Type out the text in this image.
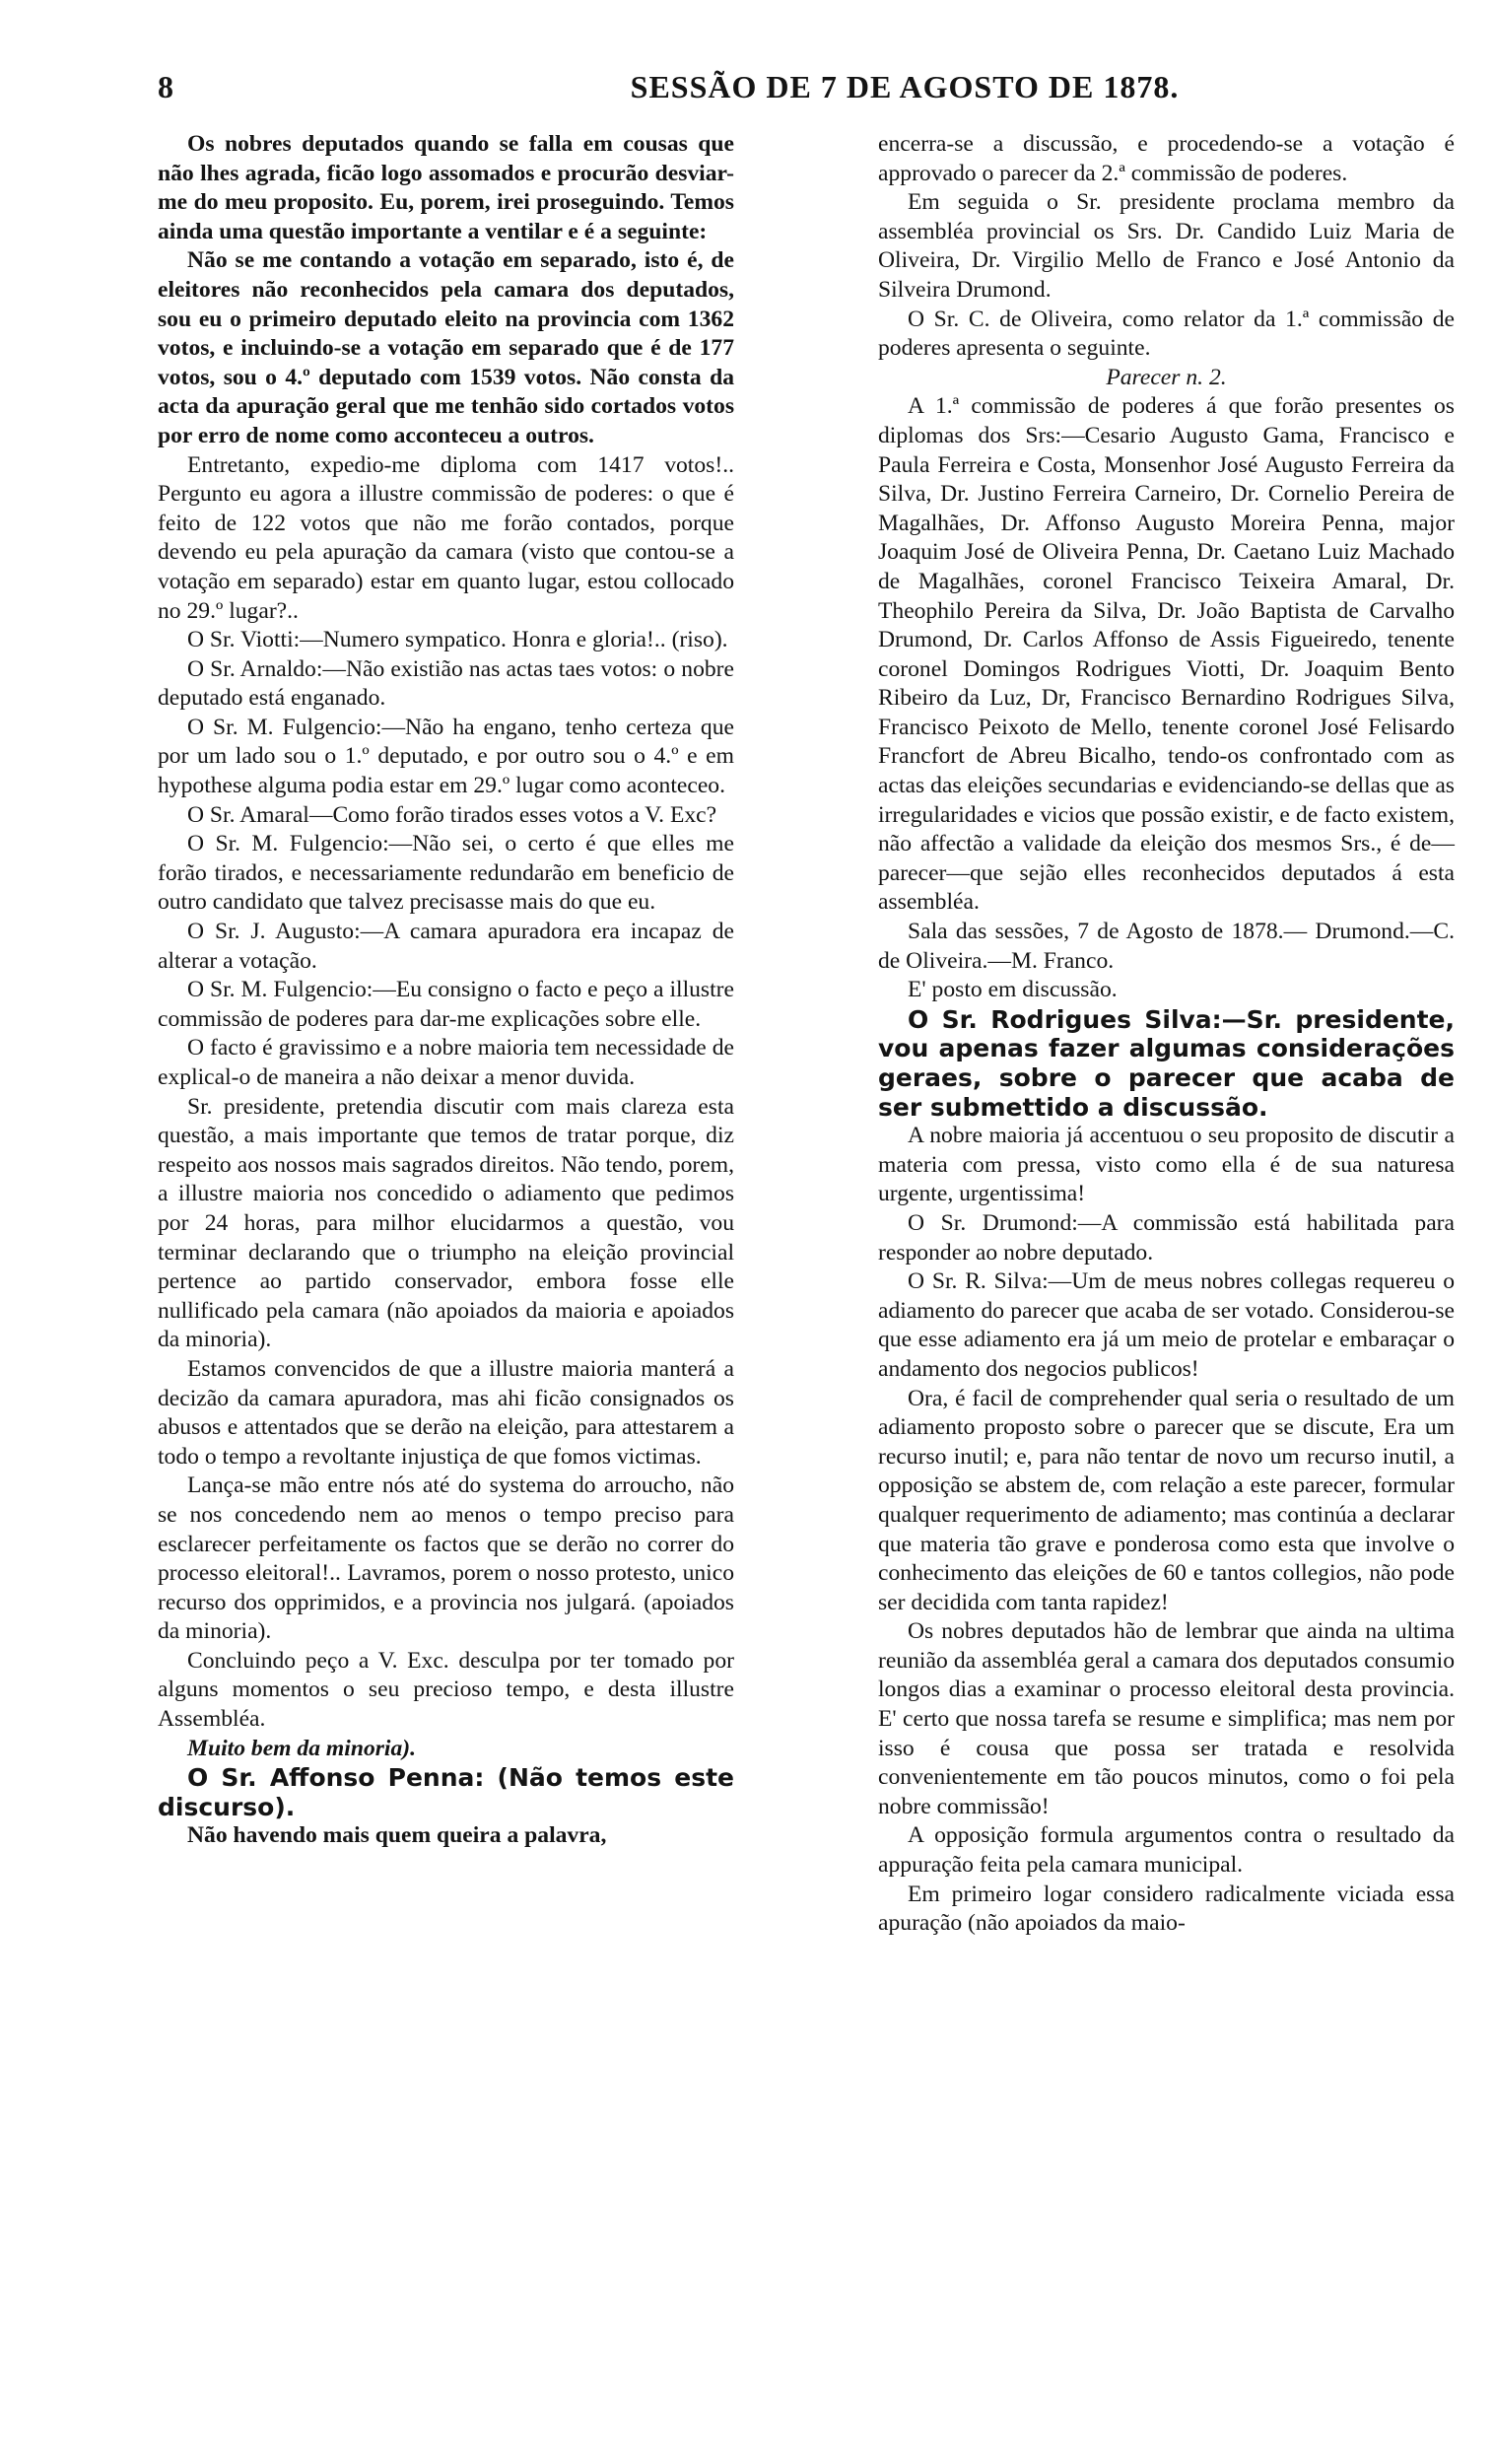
8	SESSÃO DE 7 DE AGOSTO DE 1878.

Os nobres deputados quando se falla em cousas que não lhes agrada, ficão logo assomados e procurão desviar-me do meu proposito. Eu, porem, irei proseguindo. Temos ainda uma questão importante a ventilar e é a seguinte:

Não se me contando a votação em separado, isto é, de eleitores não reconhecidos pela camara dos deputados, sou eu o primeiro deputado eleito na provincia com 1362 votos, e incluindo-se a votação em separado que é de 177 votos, sou o 4.º deputado com 1539 votos. Não consta da acta da apuração geral que me tenhão sido cortados votos por erro de nome como acconteceu a outros.

Entretanto, expedio-me diploma com 1417 votos!.. Pergunto eu agora a illustre commissão de poderes: o que é feito de 122 votos que não me forão contados, porque devendo eu pela apuração da camara (visto que contou-se a votação em separado) estar em quanto lugar, estou collocado no 29.º lugar?..

O Sr. Viotti:—Numero sympatico. Honra e gloria!.. (riso).

O Sr. Arnaldo:—Não existião nas actas taes votos: o nobre deputado está enganado.

O Sr. M. Fulgencio:—Não ha engano, tenho certeza que por um lado sou o 1.º deputado, e por outro sou o 4.º e em hypothese alguma podia estar em 29.º lugar como aconteceo.

O Sr. Amaral—Como forão tirados esses votos a V. Exc?

O Sr. M. Fulgencio:—Não sei, o certo é que elles me forão tirados, e necessariamente redundarão em beneficio de outro candidato que talvez precisasse mais do que eu.

O Sr. J. Augusto:—A camara apuradora era incapaz de alterar a votação.

O Sr. M. Fulgencio:—Eu consigno o facto e peço a illustre commissão de poderes para dar-me explicações sobre elle.

O facto é gravissimo e a nobre maioria tem necessidade de explical-o de maneira a não deixar a menor duvida.

Sr. presidente, pretendia discutir com mais clareza esta questão, a mais importante que temos de tratar porque, diz respeito aos nossos mais sagrados direitos. Não tendo, porem, a illustre maioria nos concedido o adiamento que pedimos por 24 horas, para milhor elucidarmos a questão, vou terminar declarando que o triumpho na eleição provincial pertence ao partido conservador, embora fosse elle nullificado pela camara (não apoiados da maioria e apoiados da minoria).

Estamos convencidos de que a illustre maioria manterá a decizão da camara apuradora, mas ahi ficão consignados os abusos e attentados que se derão na eleição, para attestarem a todo o tempo a revoltante injustiça de que fomos victimas.

Lança-se mão entre nós até do systema do arroucho, não se nos concedendo nem ao menos o tempo preciso para esclarecer perfeitamente os factos que se derão no correr do processo eleitoral!.. Lavramos, porem o nosso protesto, unico recurso dos opprimidos, e a provincia nos julgará. (apoiados da minoria).

Concluindo peço a V. Exc. desculpa por ter tomado por alguns momentos o seu precioso tempo, e desta illustre Assembléa.

Muito bem da minoria).

O Sr. Affonso Penna: (Não temos este discurso).

Não havendo mais quem queira a palavra,

encerra-se a discussão, e procedendo-se a votação é approvado o parecer da 2.ª commissão de poderes.

Em seguida o Sr. presidente proclama membro da assembléa provincial os Srs. Dr. Candido Luiz Maria de Oliveira, Dr. Virgilio Mello de Franco e José Antonio da Silveira Drumond.

O Sr. C. de Oliveira, como relator da 1.ª commissão de poderes apresenta o seguinte.

Parecer n. 2.

A 1.ª commissão de poderes á que forão presentes os diplomas dos Srs:—Cesario Augusto Gama, Francisco e Paula Ferreira e Costa, Monsenhor José Augusto Ferreira da Silva, Dr. Justino Ferreira Carneiro, Dr. Cornelio Pereira de Magalhães, Dr. Affonso Augusto Moreira Penna, major Joaquim José de Oliveira Penna, Dr. Caetano Luiz Machado de Magalhães, coronel Francisco Teixeira Amaral, Dr. Theophilo Pereira da Silva, Dr. João Baptista de Carvalho Drumond, Dr. Carlos Affonso de Assis Figueiredo, tenente coronel Domingos Rodrigues Viotti, Dr. Joaquim Bento Ribeiro da Luz, Dr, Francisco Bernardino Rodrigues Silva, Francisco Peixoto de Mello, tenente coronel José Felisardo Francfort de Abreu Bicalho, tendo-os confrontado com as actas das eleições secundarias e evidenciando-se dellas que as irregularidades e vicios que possão existir, e de facto existem, não affectão a validade da eleição dos mesmos Srs., é de—parecer—que sejão elles reconhecidos deputados á esta assembléa.

Sala das sessões, 7 de Agosto de 1878.— Drumond.—C. de Oliveira.—M. Franco.

E' posto em discussão.

O Sr. Rodrigues Silva:—Sr. presidente, vou apenas fazer algumas considerações geraes, sobre o parecer que acaba de ser submettido a discussão.

A nobre maioria já accentuou o seu proposito de discutir a materia com pressa, visto como ella é de sua naturesa urgente, urgentissima!

O Sr. Drumond:—A commissão está habilitada para responder ao nobre deputado.

O Sr. R. Silva:—Um de meus nobres collegas requereu o adiamento do parecer que acaba de ser votado. Considerou-se que esse adiamento era já um meio de protelar e embaraçar o andamento dos negocios publicos!

Ora, é facil de comprehender qual seria o resultado de um adiamento proposto sobre o parecer que se discute, Era um recurso inutil; e, para não tentar de novo um recurso inutil, a opposição se abstem de, com relação a este parecer, formular qualquer requerimento de adiamento; mas continúa a declarar que materia tão grave e ponderosa como esta que involve o conhecimento das eleições de 60 e tantos collegios, não pode ser decidida com tanta rapidez!

Os nobres deputados hão de lembrar que ainda na ultima reunião da assembléa geral a camara dos deputados consumio longos dias a examinar o processo eleitoral desta provincia. E' certo que nossa tarefa se resume e simplifica; mas nem por isso é cousa que possa ser tratada e resolvida convenientemente em tão poucos minutos, como o foi pela nobre commissão!

A opposição formula argumentos contra o resultado da appuração feita pela camara municipal.

Em primeiro logar considero radicalmente viciada essa apuração (não apoiados da maio-
